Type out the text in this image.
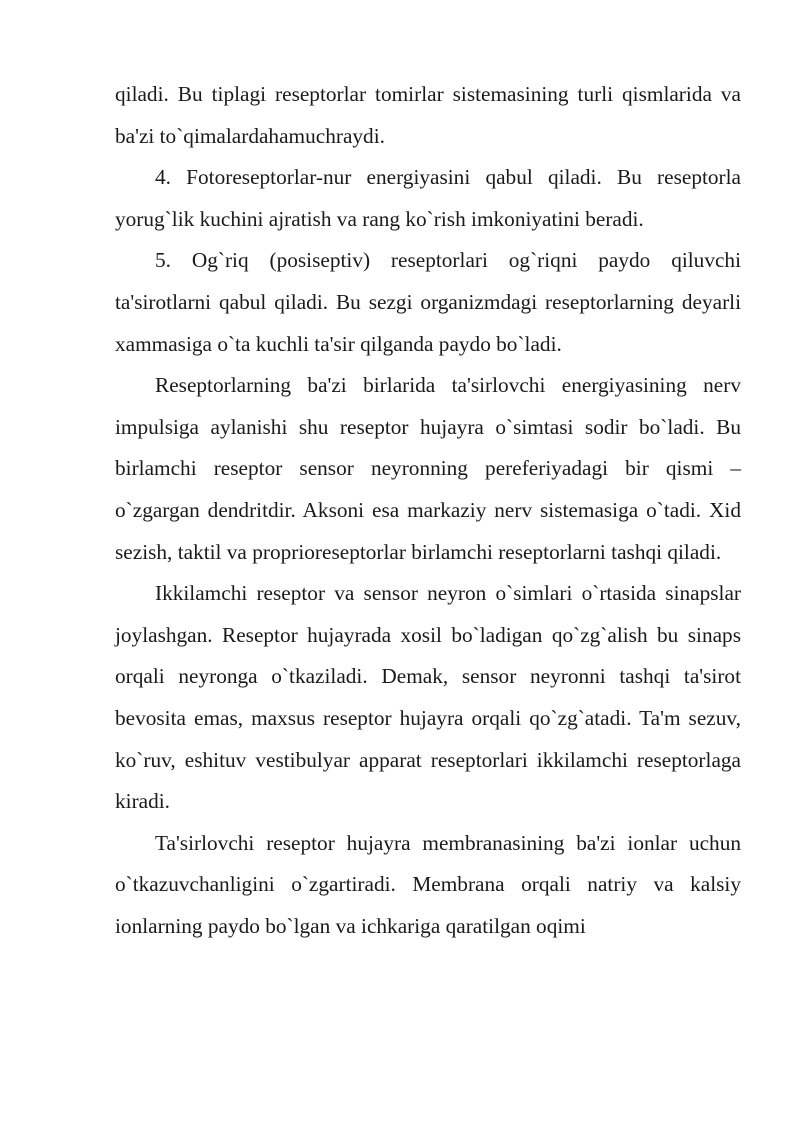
qiladi. Bu tiplagi reseptorlar tomirlar sistemasining turli qismlarida va ba'zi to`qimalardahamuchraydi.

4. Fotoreseptorlar-nur energiyasini qabul qiladi. Bu reseptorla yorug`lik kuchini ajratish va rang ko`rish imkoniyatini beradi.

5. Og`riq (posiseptiv) reseptorlari og`riqni paydo qiluvchi ta'sirotlarni qabul qiladi. Bu sezgi organizmdagi reseptorlarning deyarli xammasiga o`ta kuchli ta'sir qilganda paydo bo`ladi.

Reseptorlarning ba'zi birlarida ta'sirlovchi energiyasining nerv impulsiga aylanishi shu reseptor hujayra o`simtasi sodir bo`ladi. Bu birlamchi reseptor sensor neyronning pereferiyadagi bir qismi – o`zgargan dendritdir. Aksoni esa markaziy nerv sistemasiga o`tadi. Xid sezish, taktil va proprioreseptorlar birlamchi reseptorlarni tashqi qiladi.

Ikkilamchi reseptor va sensor neyron o`simlari o`rtasida sinapslar joylashgan. Reseptor hujayrada xosil bo`ladigan qo`zg`alish bu sinaps orqali neyronga o`tkaziladi. Demak, sensor neyronni tashqi ta'sirot bevosita emas, maxsus reseptor hujayra orqali qo`zg`atadi. Ta'm sezuv, ko`ruv, eshituv vestibulyar apparat reseptorlari ikkilamchi reseptorlaga kiradi.

Ta'sirlovchi reseptor hujayra membranasining ba'zi ionlar uchun o`tkazuvchanligini o`zgartiradi. Membrana orqali natriy va kalsiy ionlarning paydo bo`lgan va ichkariga qaratilgan oqimi
